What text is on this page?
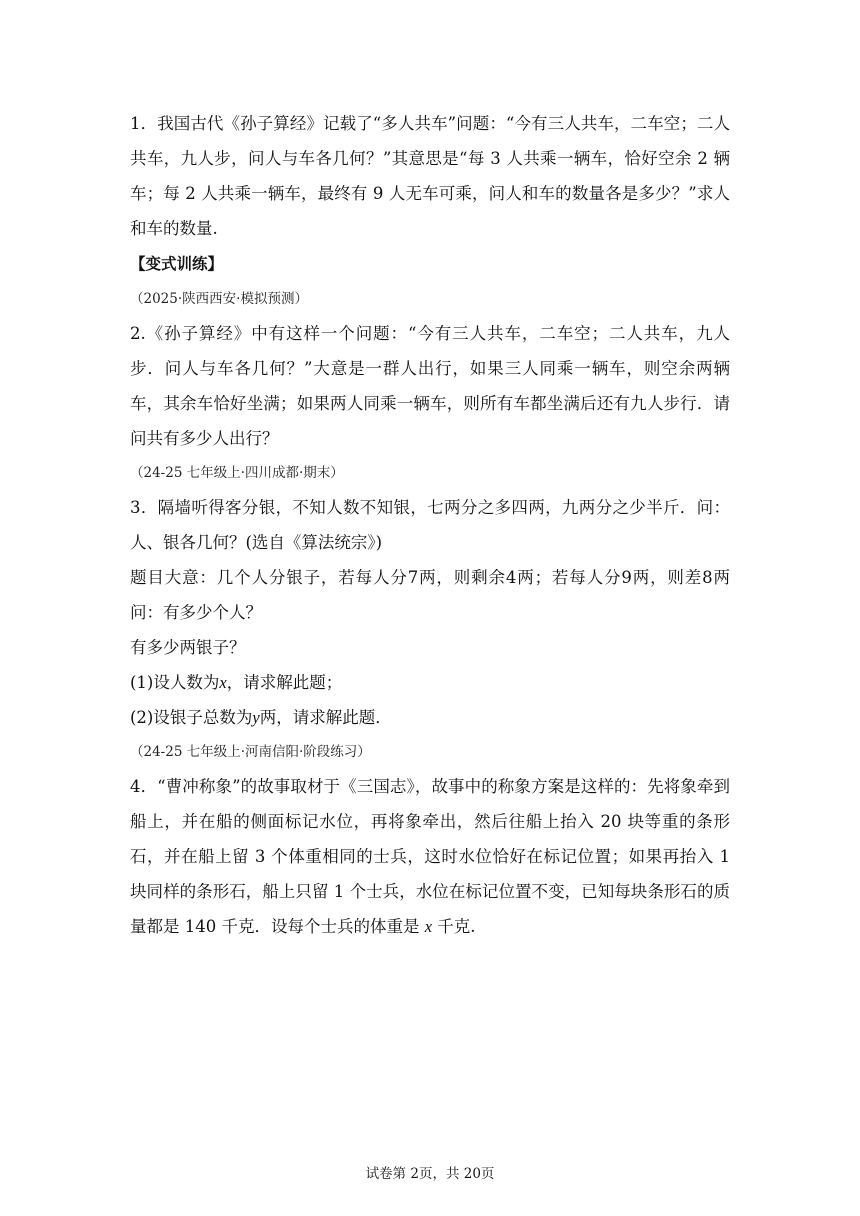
1．我国古代《孙子算经》记载了“多人共车”问题：“今有三人共车，二车空；二人共车，九人步，问人与车各几何？”其意思是“每 3 人共乘一辆车，恰好空余 2 辆车；每 2 人共乘一辆车，最终有 9 人无车可乘，问人和车的数量各是多少？”求人和车的数量.

【变式训练】

（2025·陕西西安·模拟预测）

2.《孙子算经》中有这样一个问题：“今有三人共车，二车空；二人共车，九人步．问人与车各几何？”大意是一群人出行，如果三人同乘一辆车，则空余两辆车，其余车恰好坐满；如果两人同乘一辆车，则所有车都坐满后还有九人步行．请问共有多少人出行？

（24-25 七年级上·四川成都·期末）

3．隔墙听得客分银，不知人数不知银，七两分之多四两，九两分之少半斤．问：人、银各几何？(选自《算法统宗》)

题目大意：几个人分银子，若每人分7两，则剩余4两；若每人分9两，则差8两问：有多少个人？

有多少两银子？

(1)设人数为x，请求解此题；

(2)设银子总数为y两，请求解此题．

（24-25 七年级上·河南信阳·阶段练习）

4．“曹冲称象”的故事取材于《三国志》，故事中的称象方案是这样的：先将象牵到船上，并在船的侧面标记水位，再将象牵出，然后往船上抬入 20 块等重的条形石，并在船上留 3 个体重相同的士兵，这时水位恰好在标记位置；如果再抬入 1 块同样的条形石，船上只留 1 个士兵，水位在标记位置不变，已知每块条形石的质量都是 140 千克．设每个士兵的体重是 x 千克.

试卷第 2页，共 20页
